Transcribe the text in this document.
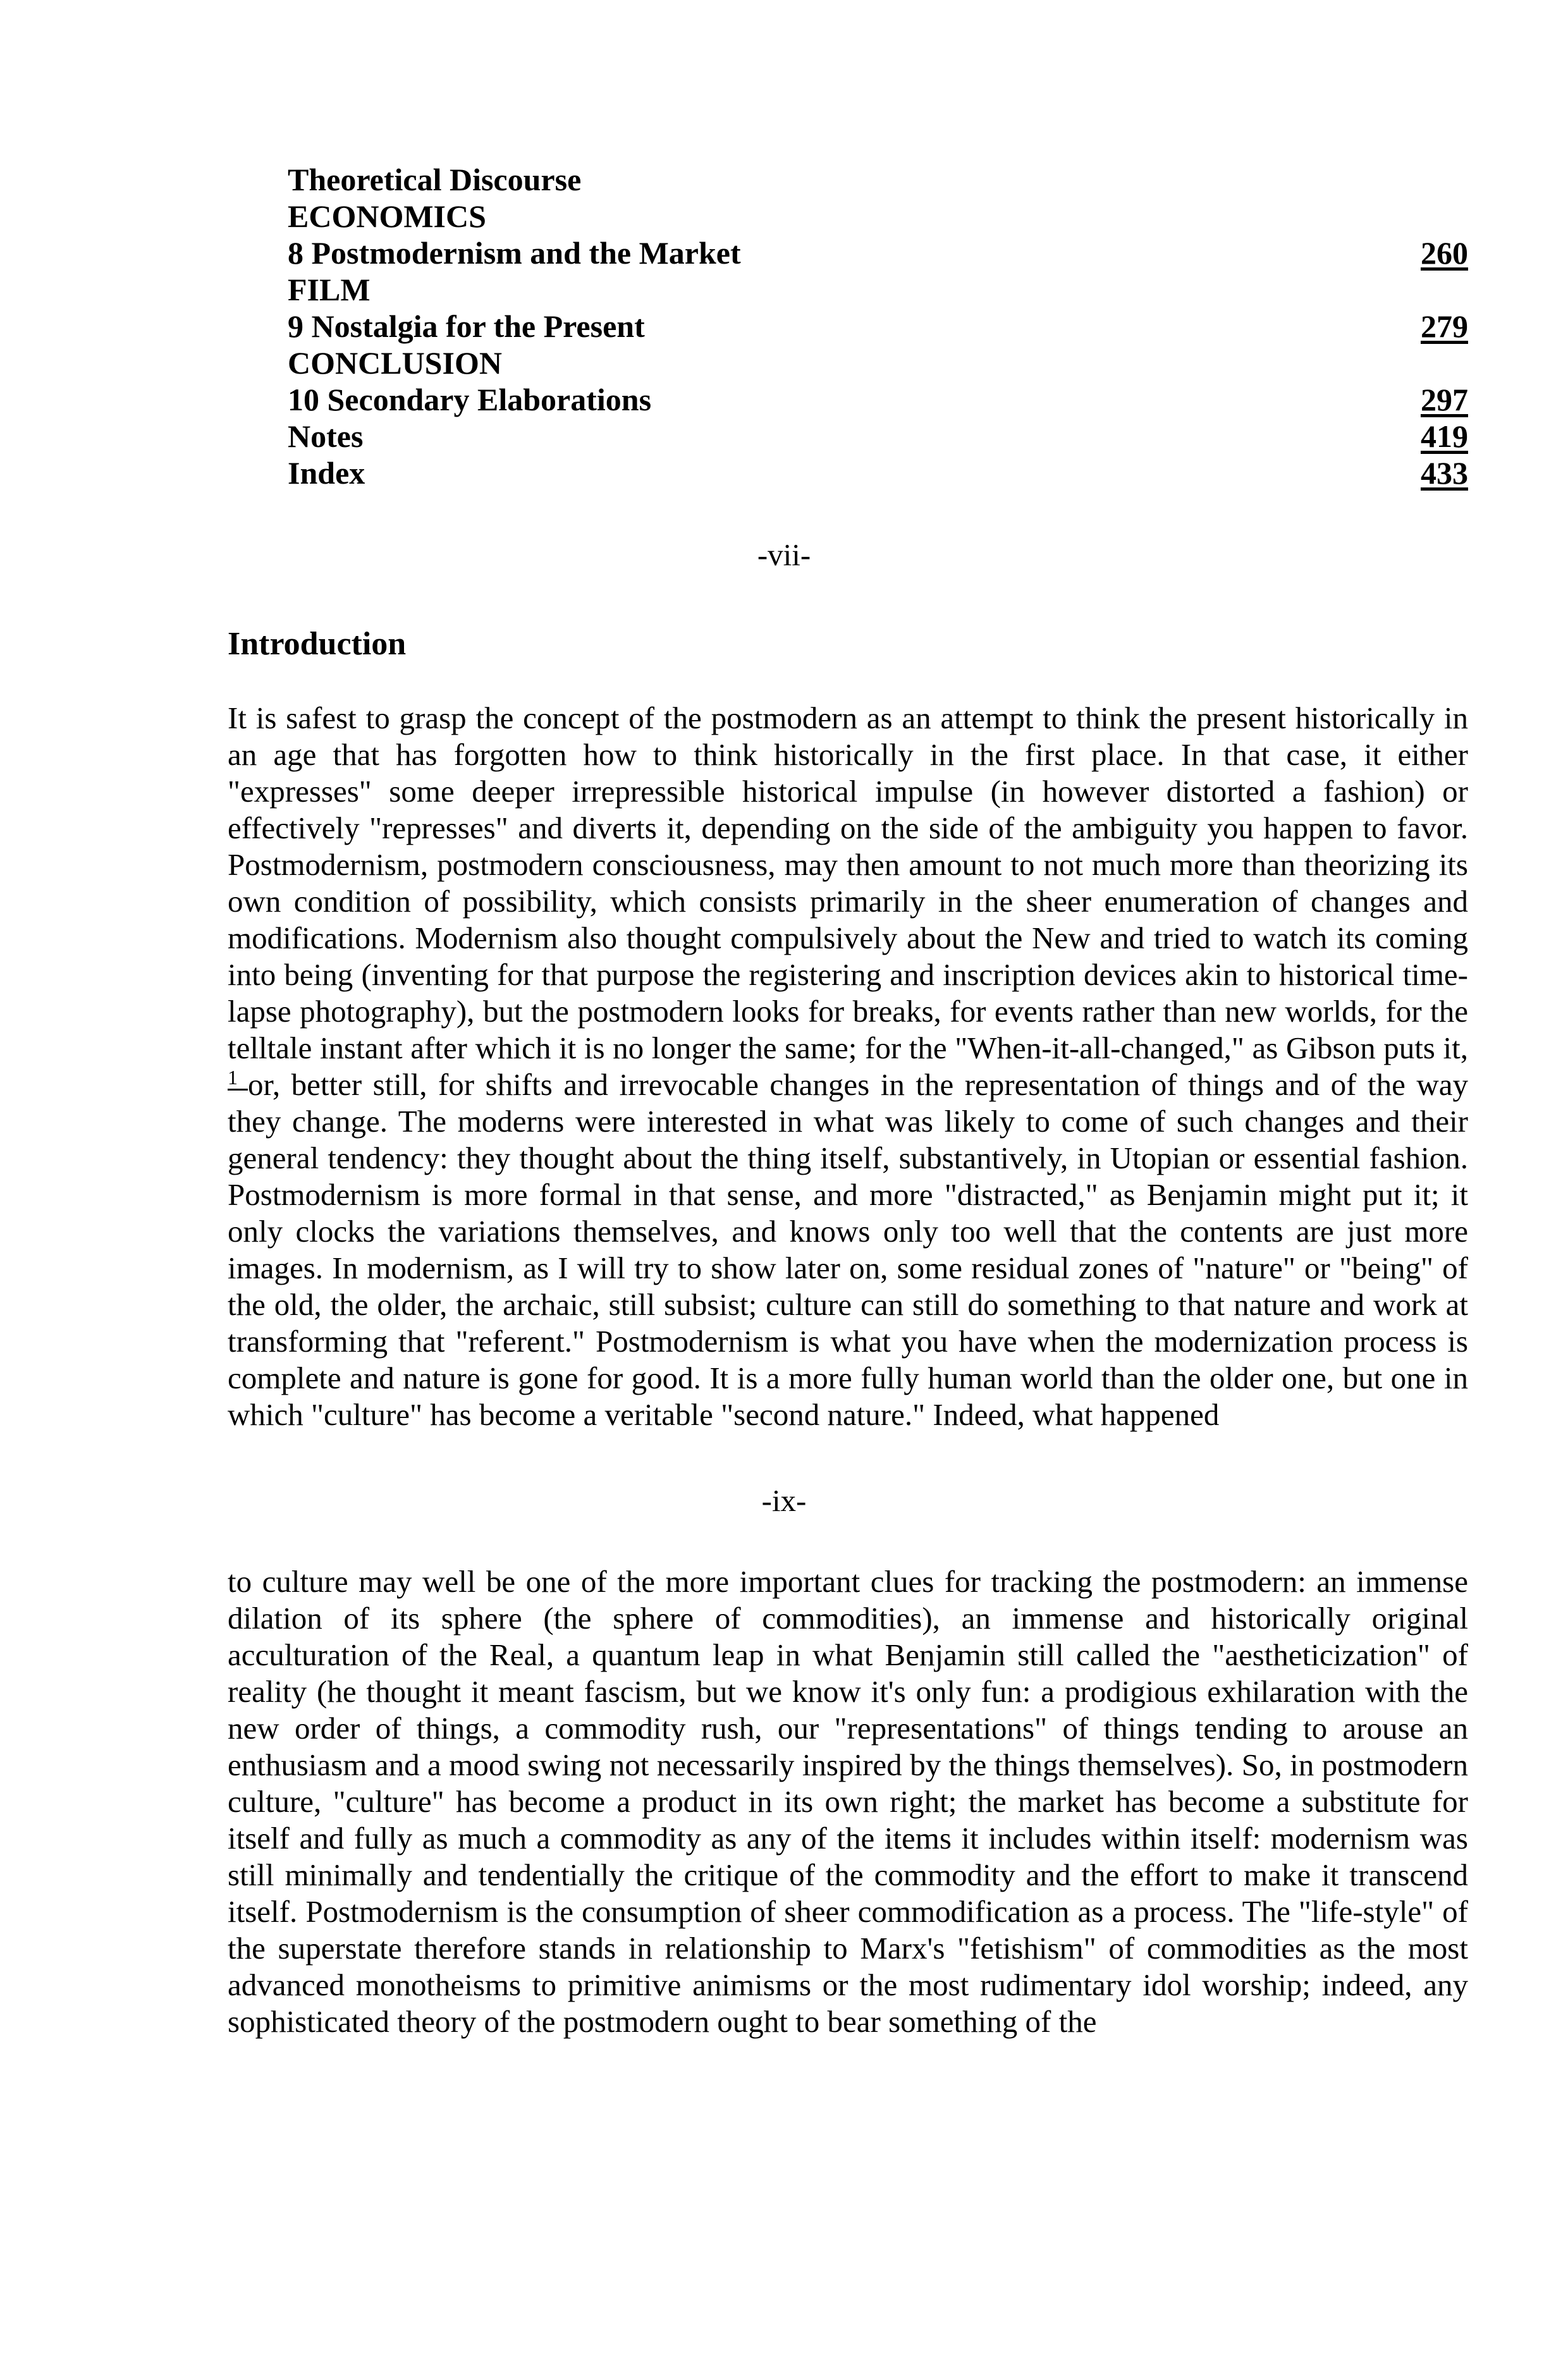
Theoretical Discourse
ECONOMICS
8 Postmodernism and the Market	260
FILM
9 Nostalgia for the Present	279
CONCLUSION
10 Secondary Elaborations	297
Notes	419
Index	433
-vii-
Introduction

It is safest to grasp the concept of the postmodern as an attempt to think the present historically in an age that has forgotten how to think historically in the first place. In that case, it either "expresses" some deeper irrepressible historical impulse (in however distorted a fashion) or effectively "represses" and diverts it, depending on the side of the ambiguity you happen to favor. Postmodernism, postmodern consciousness, may then amount to not much more than theorizing its own condition of possibility, which consists primarily in the sheer enumeration of changes and modifications. Modernism also thought compulsively about the New and tried to watch its coming into being (inventing for that purpose the registering and inscription devices akin to historical time-lapse photography), but the postmodern looks for breaks, for events rather than new worlds, for the telltale instant after which it is no longer the same; for the "When-it-all-changed," as Gibson puts it, $^1$ or, better still, for shifts and irrevocable changes in the representation of things and of the way they change. The moderns were interested in what was likely to come of such changes and their general tendency: they thought about the thing itself, substantively, in Utopian or essential fashion. Postmodernism is more formal in that sense, and more "distracted," as Benjamin might put it; it only clocks the variations themselves, and knows only too well that the contents are just more images. In modernism, as I will try to show later on, some residual zones of "nature" or "being" of the old, the older, the archaic, still subsist; culture can still do something to that nature and work at transforming that "referent." Postmodernism is what you have when the modernization process is complete and nature is gone for good. It is a more fully human world than the older one, but one in which "culture" has become a veritable "second nature." Indeed, what happened

-ix-

to culture may well be one of the more important clues for tracking the postmodern: an immense dilation of its sphere (the sphere of commodities), an immense and historically original acculturation of the Real, a quantum leap in what Benjamin still called the "aestheticization" of reality (he thought it meant fascism, but we know it's only fun: a prodigious exhilaration with the new order of things, a commodity rush, our "representations" of things tending to arouse an enthusiasm and a mood swing not necessarily inspired by the things themselves). So, in postmodern culture, "culture" has become a product in its own right; the market has become a substitute for itself and fully as much a commodity as any of the items it includes within itself: modernism was still minimally and tendentially the critique of the commodity and the effort to make it transcend itself. Postmodernism is the consumption of sheer commodification as a process. The "life-style" of the superstate therefore stands in relationship to Marx's "fetishism" of commodities as the most advanced monotheisms to primitive animisms or the most rudimentary idol worship; indeed, any sophisticated theory of the postmodern ought to bear something of the
